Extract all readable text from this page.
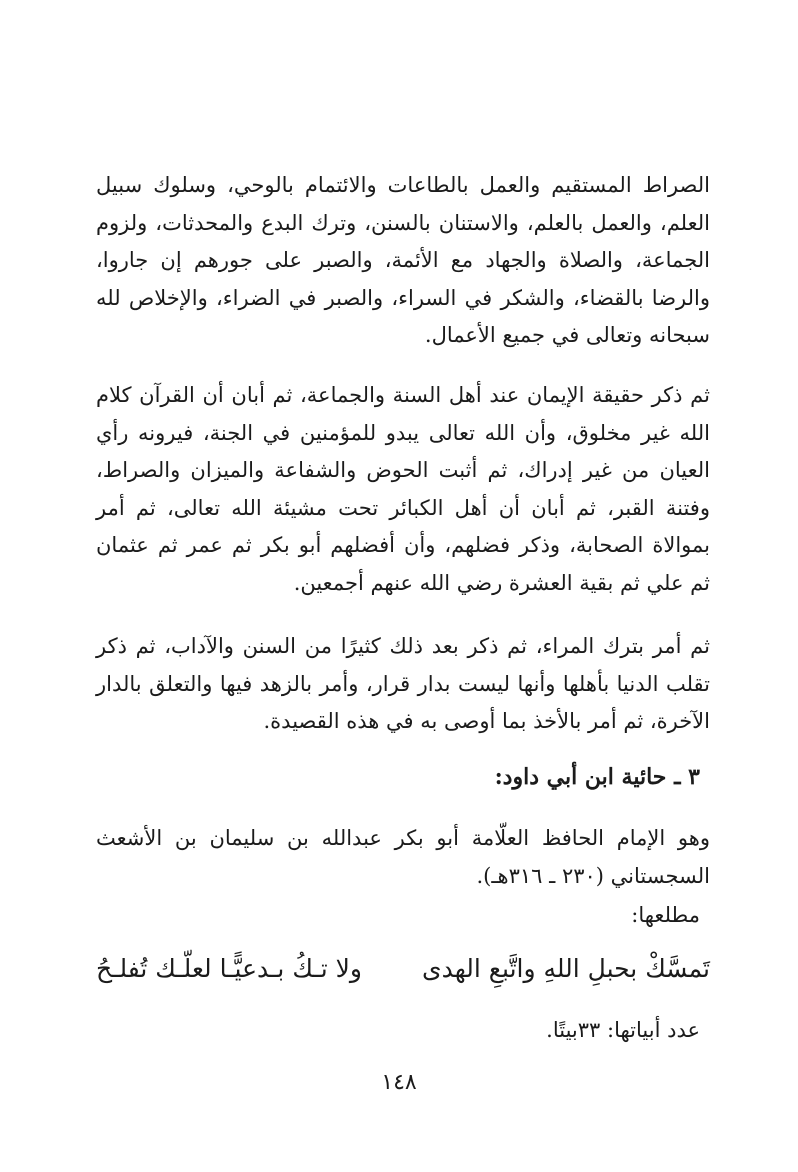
الصراط المستقيم والعمل بالطاعات والائتمام بالوحي، وسلوك سبيل العلم، والعمل بالعلم، والاستنان بالسنن، وترك البدع والمحدثات، ولزوم الجماعة، والصلاة والجهاد مع الأئمة، والصبر على جورهم إن جاروا، والرضا بالقضاء، والشكر في السراء، والصبر في الضراء، والإخلاص لله سبحانه وتعالى في جميع الأعمال.

ثم ذكر حقيقة الإيمان عند أهل السنة والجماعة، ثم أبان أن القرآن كلام الله غير مخلوق، وأن الله تعالى يبدو للمؤمنين في الجنة، فيرونه رأي العيان من غير إدراك، ثم أثبت الحوض والشفاعة والميزان والصراط، وفتنة القبر، ثم أبان أن أهل الكبائر تحت مشيئة الله تعالى، ثم أمر بموالاة الصحابة، وذكر فضلهم، وأن أفضلهم أبو بكر ثم عمر ثم عثمان ثم علي ثم بقية العشرة رضي الله عنهم أجمعين.

ثم أمر بترك المراء، ثم ذكر بعد ذلك كثيرًا من السنن والآداب، ثم ذكر تقلب الدنيا بأهلها وأنها ليست بدار قرار، وأمر بالزهد فيها والتعلق بالدار الآخرة، ثم أمر بالأخذ بما أوصى به في هذه القصيدة.

٣ ـ حائية ابن أبي داود:

وهو الإمام الحافظ العلّامة أبو بكر عبدالله بن سليمان بن الأشعث السجستاني (٢٣٠ ـ ٣١٦هـ).

مطلعها:

تَمسَّكْ بحبلِ اللهِ واتَّبعِ الهدى
ولا تـكُ بـدعيًّـا لعلّـك تُفلـحُ

عدد أبياتها: ٣٣بيتًا.

١٤٨
